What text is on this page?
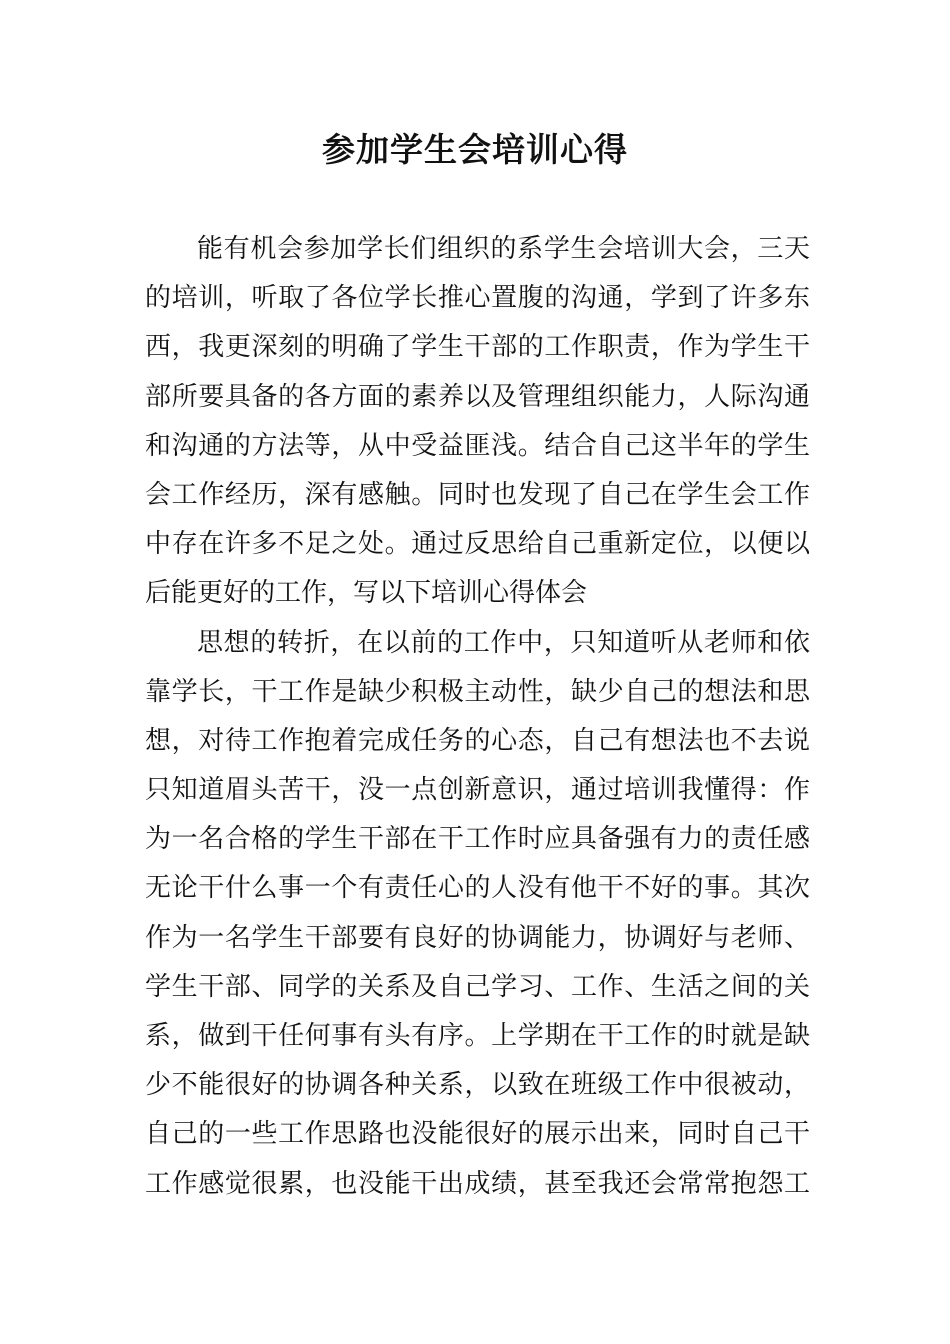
参加学生会培训心得
能有机会参加学长们组织的系学生会培训大会，三天
的培训，听取了各位学长推心置腹的沟通，学到了许多东
西，我更深刻的明确了学生干部的工作职责，作为学生干
部所要具备的各方面的素养以及管理组织能力，人际沟通
和沟通的方法等，从中受益匪浅。结合自己这半年的学生
会工作经历，深有感触。同时也发现了自己在学生会工作
中存在许多不足之处。通过反思给自己重新定位，以便以
后能更好的工作，写以下培训心得体会
思想的转折，在以前的工作中，只知道听从老师和依
靠学长，干工作是缺少积极主动性，缺少自己的想法和思
想，对待工作抱着完成任务的心态，自己有想法也不去说
只知道眉头苦干，没一点创新意识，通过培训我懂得：作
为一名合格的学生干部在干工作时应具备强有力的责任感
无论干什么事一个有责任心的人没有他干不好的事。其次
作为一名学生干部要有良好的协调能力，协调好与老师、
学生干部、同学的关系及自己学习、工作、生活之间的关
系，做到干任何事有头有序。上学期在干工作的时就是缺
少不能很好的协调各种关系，以致在班级工作中很被动，
自己的一些工作思路也没能很好的展示出来，同时自己干
工作感觉很累，也没能干出成绩，甚至我还会常常抱怨工
